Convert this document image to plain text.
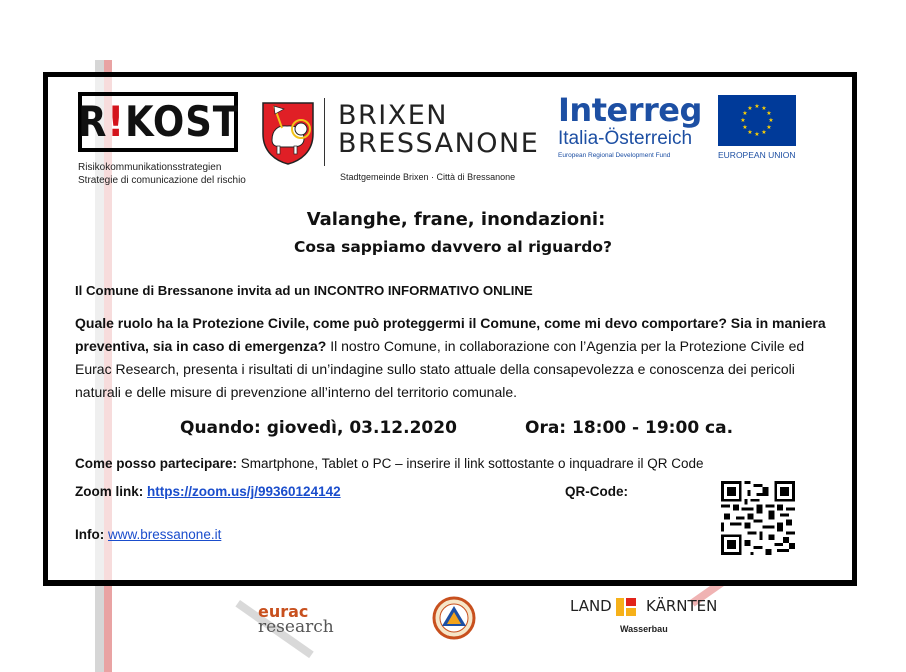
R!KOST
Risikokommunikationsstrategien
Strategie di comunicazione del rischio
BRIXEN
BRESSANONE
Stadtgemeinde Brixen · Città di Bressanone
Interreg
Italia-Österreich
European Regional Development Fund
★ ★
★
★
★
★
★
★
★
★
★
★
EUROPEAN UNION
Valanghe, frane, inondazioni:
Cosa sappiamo davvero al riguardo?
Il Comune di Bressanone invita ad un INCONTRO INFORMATIVO ONLINE
Quale ruolo ha la Protezione Civile, come può proteggermi il Comune, come mi devo comportare? Sia in maniera preventiva, sia in caso di emergenza? Il nostro Comune, in collaborazione con l’Agenzia per la Protezione Civile ed Eurac Research, presenta i risultati di un’indagine sullo stato attuale della consapevolezza e conoscenza dei pericoli naturali e delle misure di prevenzione all’interno del territorio comunale.
Quando: giovedì, 03.12.2020	Ora: 18:00 - 19:00 ca.
Come posso partecipare: Smartphone, Tablet o PC – inserire il link sottostante o inquadrare il QR Code
Zoom link: https://zoom.us/j/99360124142	QR-Code:
Info: www.bressanone.it
eurac
research
LAND KÄRNTEN
Wasserbau
